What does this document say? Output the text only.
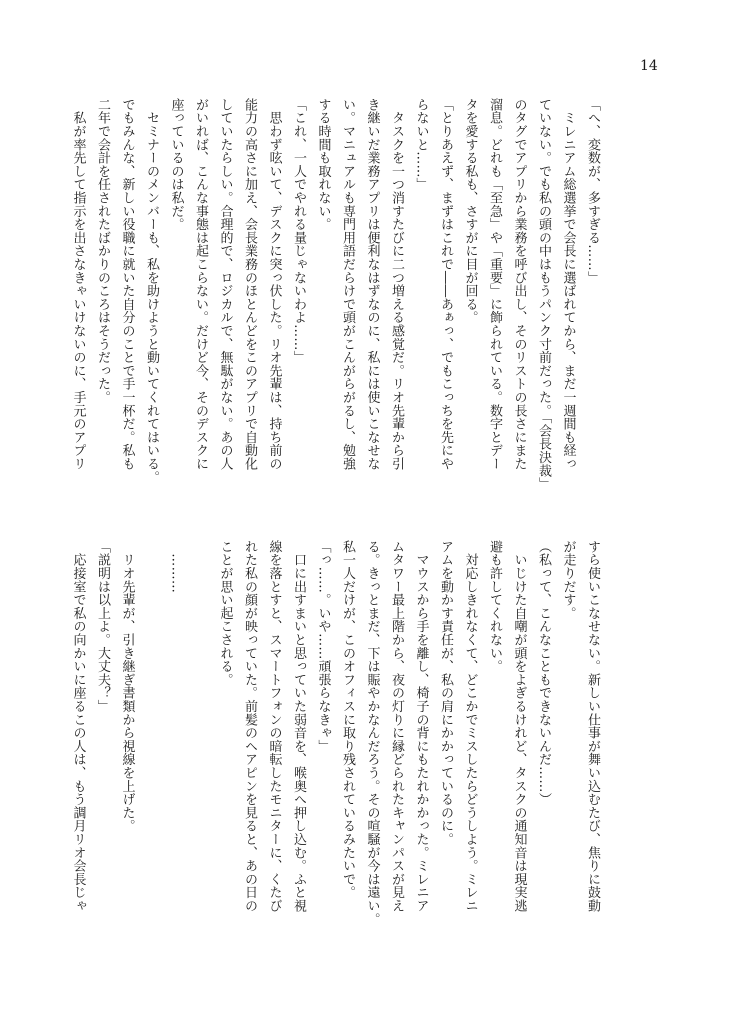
14
「へ、変数が、多すぎる……」
　ミレニアム総選挙で会長に選ばれてから、まだ一週間も経っ
ていない。でも私の頭の中はもうパンク寸前だった。「会長決裁」
のタグでアプリから業務を呼び出し、そのリストの長さにまた
溜息。どれも「至急」や「重要」に飾られている。数字とデー
タを愛する私も、さすがに目が回る。
「とりあえず、まずはこれで――あぁっ、でもこっちを先にや
らないと……」
　タスクを一つ消すたびに二つ増える感覚だ。リオ先輩から引
き継いだ業務アプリは便利なはずなのに、私には使いこなせな
い。マニュアルも専門用語だらけで頭がこんがらがるし、勉強
する時間も取れない。
「これ、一人でやれる量じゃないわよ……」
　思わず呟いて、デスクに突っ伏した。リオ先輩は、持ち前の
能力の高さに加え、会長業務のほとんどをこのアプリで自動化
していたらしい。合理的で、ロジカルで、無駄がない。あの人
がいれば、こんな事態は起こらない。だけど今、そのデスクに
座っているのは私だ。
　セミナーのメンバーも、私を助けようと動いてくれてはいる。
でもみんな、新しい役職に就いた自分のことで手一杯だ。私も
二年で会計を任されたばかりのころはそうだった。
　私が率先して指示を出さなきゃいけないのに、手元のアプリ
すら使いこなせない。新しい仕事が舞い込むたび、焦りに鼓動
が走りだす。
（私って、こんなこともできないんだ……）
　いじけた自嘲が頭をよぎるけれど、タスクの通知音は現実逃
避も許してくれない。
　対応しきれなくて、どこかでミスしたらどうしよう。ミレニ
アムを動かす責任が、私の肩にかかっているのに。
　マウスから手を離し、椅子の背にもたれかかった。ミレニア
ムタワー最上階から、夜の灯りに縁どられたキャンパスが見え
る。きっとまだ、下は賑やかなんだろう。その喧騒が今は遠い。
私一人だけが、このオフィスに取り残されているみたいで。
「っ……。いや……頑張らなきゃ」
　口に出すまいと思っていた弱音を、喉奥へ押し込む。ふと視
線を落とすと、スマートフォンの暗転したモニターに、くたび
れた私の顔が映っていた。前髪のヘアピンを見ると、あの日の
ことが思い起こされる。

　………

　リオ先輩が、引き継ぎ書類から視線を上げた。
「説明は以上よ。大丈夫？」
　応接室で私の向かいに座るこの人は、もう調月リオ会長じゃ
